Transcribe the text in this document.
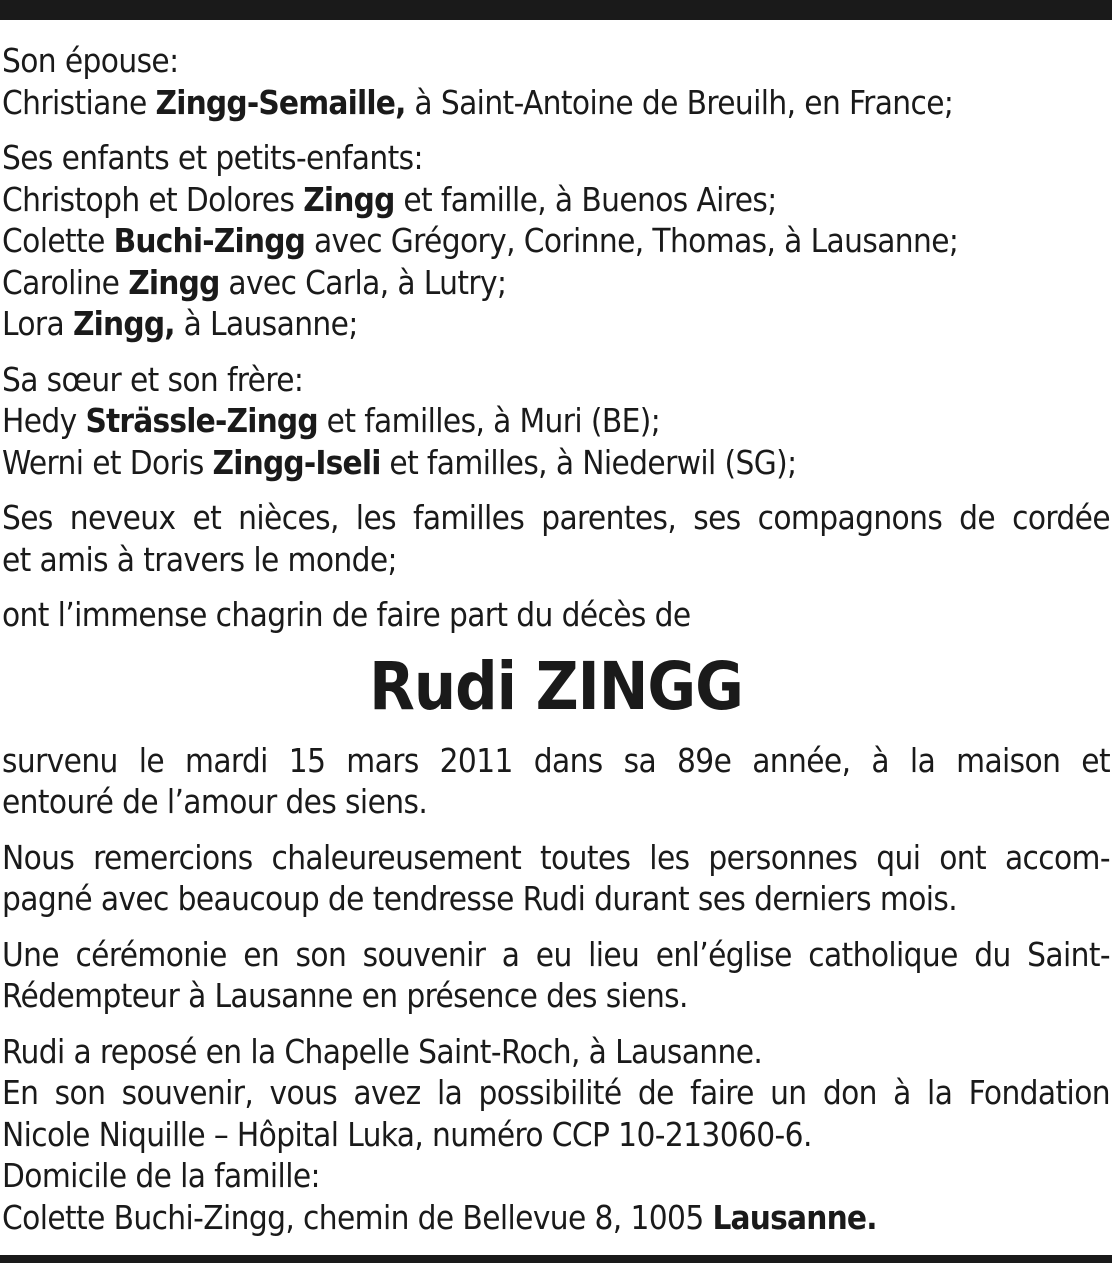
Son épouse:
Christiane Zingg-Semaille, à Saint-Antoine de Breuilh, en France;
Ses enfants et petits-enfants:
Christoph et Dolores Zingg et famille, à Buenos Aires;
Colette Buchi-Zingg avec Grégory, Corinne, Thomas, à Lausanne;
Caroline Zingg avec Carla, à Lutry;
Lora Zingg, à Lausanne;
Sa sœur et son frère:
Hedy Strässle-Zingg et familles, à Muri (BE);
Werni et Doris Zingg-Iseli et familles, à Niederwil (SG);
Ses neveux et nièces, les familles parentes, ses compagnons de cordée
et amis à travers le monde;
ont l’immense chagrin de faire part du décès de
Rudi ZINGG
survenu le mardi 15 mars 2011 dans sa 89e année, à la maison et
entouré de l’amour des siens.
Nous remercions chaleureusement toutes les personnes qui ont accom-
pagné avec beaucoup de tendresse Rudi durant ses derniers mois.
Une cérémonie en son souvenir a eu lieu enl’église catholique du Saint-
Rédempteur à Lausanne en présence des siens.
Rudi a reposé en la Chapelle Saint-Roch, à Lausanne.
En son souvenir, vous avez la possibilité de faire un don à la Fondation
Nicole Niquille – Hôpital Luka, numéro CCP 10-213060-6.
Domicile de la famille:
Colette Buchi-Zingg, chemin de Bellevue 8, 1005 Lausanne.
